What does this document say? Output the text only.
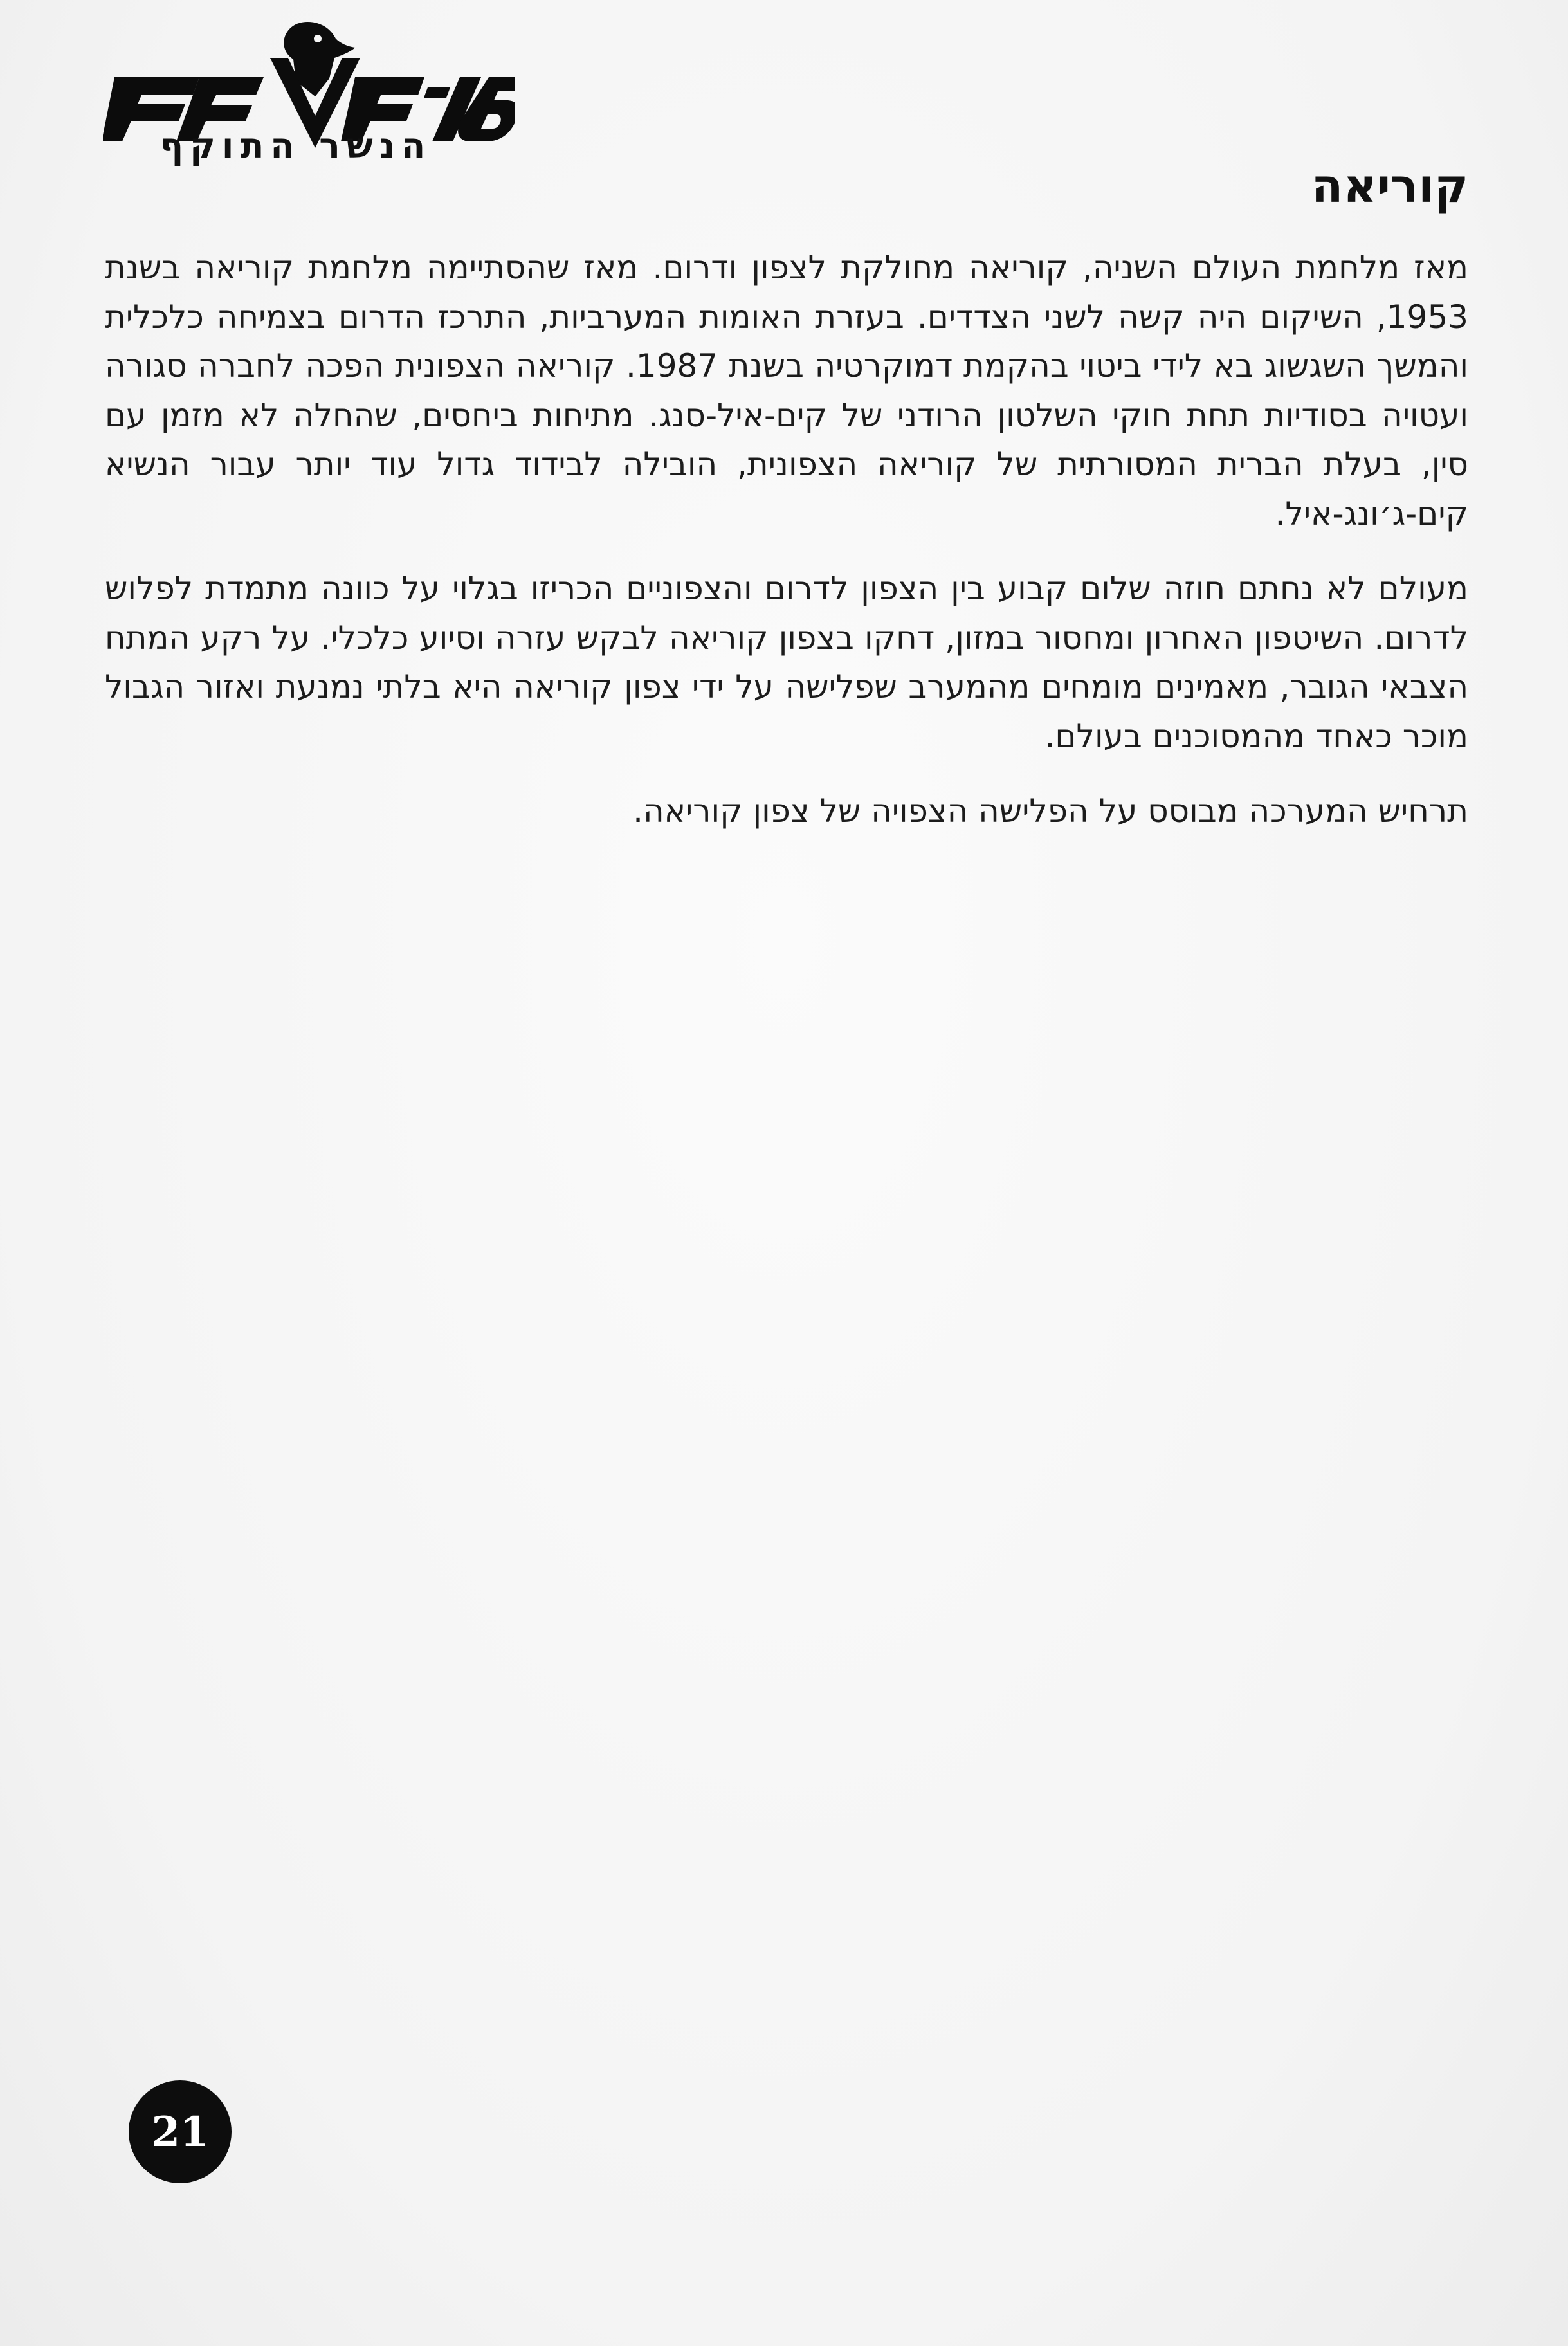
הנשר התוקף
קוריאה

מאז מלחמת העולם השניה, קוריאה מחולקת לצפון ודרום. מאז שהסתיימה מלחמת קוריאה בשנת 1953, השיקום היה קשה לשני הצדדים. בעזרת האומות המערביות, התרכז הדרום בצמיחה כלכלית והמשך השגשוג בא לידי ביטוי בהקמת דמוקרטיה בשנת 1987. קוריאה הצפונית הפכה לחברה סגורה ועטויה בסודיות תחת חוקי השלטון הרודני של קים-איל-סנג. מתיחות ביחסים, שהחלה לא מזמן עם סין, בעלת הברית המסורתית של קוריאה הצפונית, הובילה לבידוד גדול עוד יותר עבור הנשיא קים-ג׳ונג-איל.

מעולם לא נחתם חוזה שלום קבוע בין הצפון לדרום והצפוניים הכריזו בגלוי על כוונה מתמדת לפלוש לדרום. השיטפון האחרון ומחסור במזון, דחקו בצפון קוריאה לבקש עזרה וסיוע כלכלי. על רקע המתח הצבאי הגובר, מאמינים מומחים מהמערב שפלישה על ידי צפון קוריאה היא בלתי נמנעת ואזור הגבול מוכר כאחד מהמסוכנים בעולם.

תרחיש המערכה מבוסס על הפלישה הצפויה של צפון קוריאה.

21
